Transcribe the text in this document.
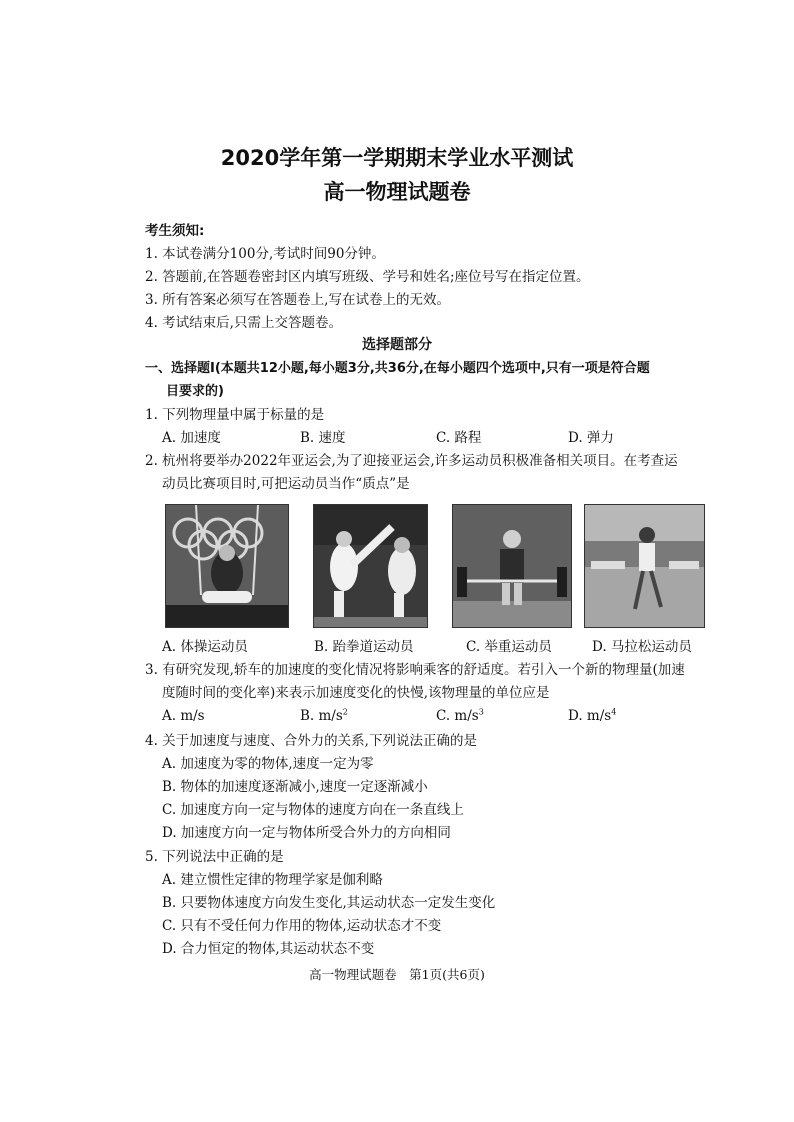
2020学年第一学期期末学业水平测试
高一物理试题卷
考生须知:
1. 本试卷满分100分,考试时间90分钟。
2. 答题前,在答题卷密封区内填写班级、学号和姓名;座位号写在指定位置。
3. 所有答案必须写在答题卷上,写在试卷上的无效。
4. 考试结束后,只需上交答题卷。
选择题部分
一、选择题Ⅰ(本题共12小题,每小题3分,共36分,在每小题四个选项中,只有一项是符合题
目要求的)
1. 下列物理量中属于标量的是
A. 加速度	B. 速度	C. 路程	D. 弹力
2. 杭州将要举办2022年亚运会,为了迎接亚运会,许多运动员积极准备相关项目。在考查运
动员比赛项目时,可把运动员当作“质点”是
A. 体操运动员	B. 跆拳道运动员	C. 举重运动员	D. 马拉松运动员
3. 有研究发现,轿车的加速度的变化情况将影响乘客的舒适度。若引入一个新的物理量(加速
度随时间的变化率)来表示加速度变化的快慢,该物理量的单位应是
A. m/s	B. $m/s^2$	C. $m/s^3$	D. $m/s^4$
4. 关于加速度与速度、合外力的关系,下列说法正确的是
A. 加速度为零的物体,速度一定为零
B. 物体的加速度逐渐减小,速度一定逐渐减小
C. 加速度方向一定与物体的速度方向在一条直线上
D. 加速度方向一定与物体所受合外力的方向相同
5. 下列说法中正确的是
A. 建立惯性定律的物理学家是伽利略
B. 只要物体速度方向发生变化,其运动状态一定发生变化
C. 只有不受任何力作用的物体,运动状态才不变
D. 合力恒定的物体,其运动状态不变
高一物理试题卷　第1页(共6页)
